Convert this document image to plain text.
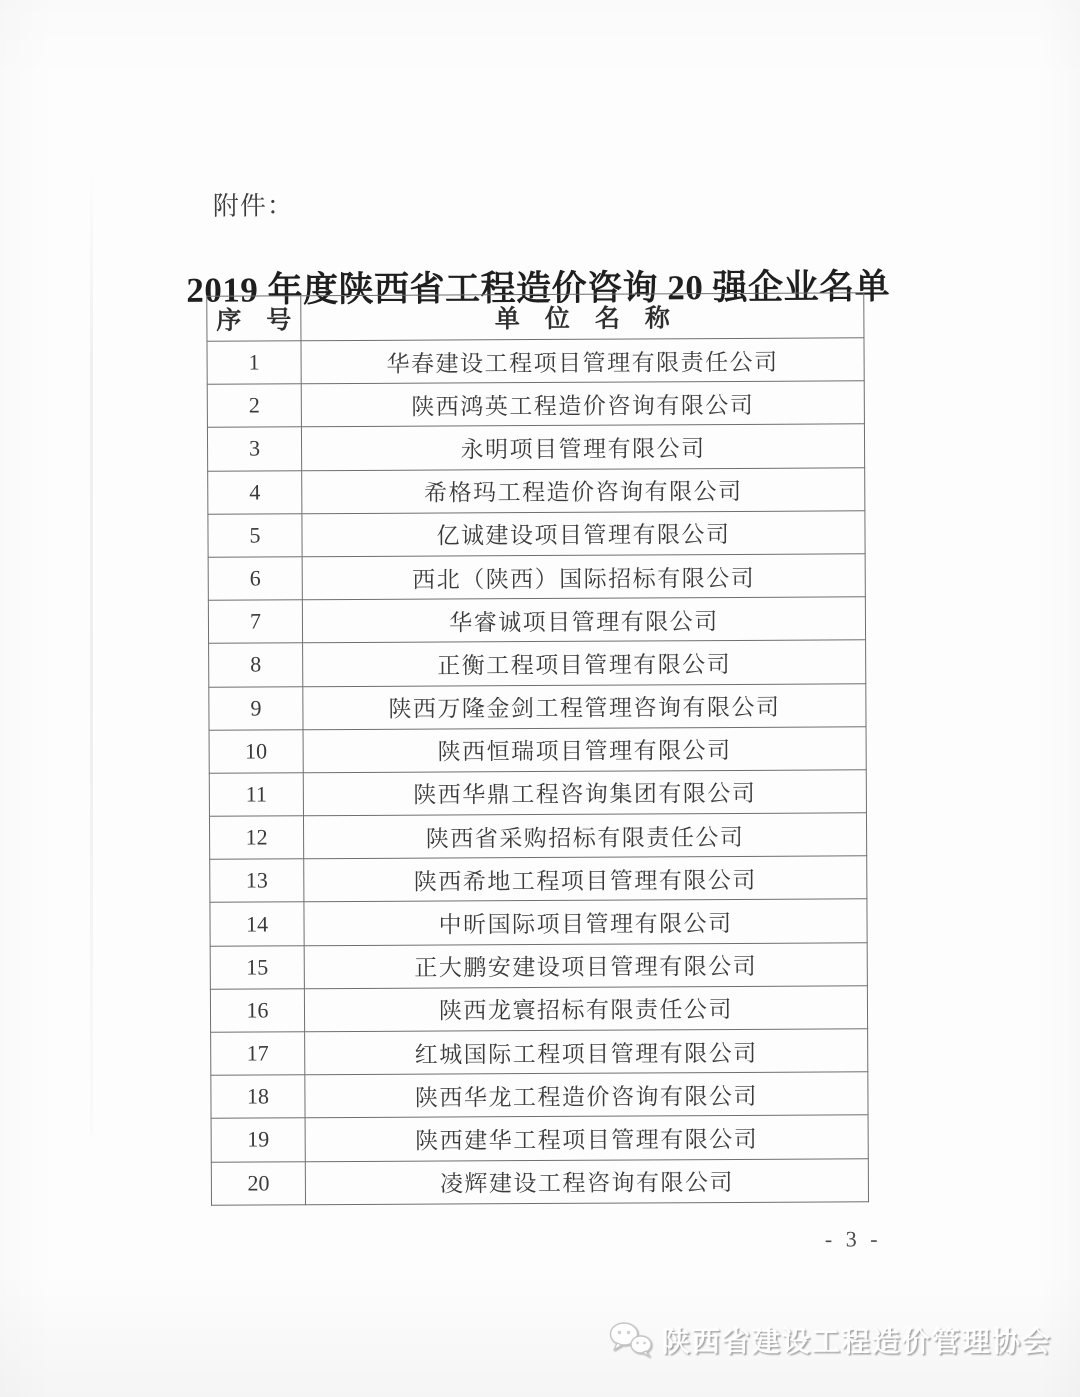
附件：
2019 年度陕西省工程造价咨询 20 强企业名单
序　号	单　位　名　称
1	华春建设工程项目管理有限责任公司
2	陕西鸿英工程造价咨询有限公司
3	永明项目管理有限公司
4	希格玛工程造价咨询有限公司
5	亿诚建设项目管理有限公司
6	西北（陕西）国际招标有限公司
7	华睿诚项目管理有限公司
8	正衡工程项目管理有限公司
9	陕西万隆金剑工程管理咨询有限公司
10	陕西恒瑞项目管理有限公司
11	陕西华鼎工程咨询集团有限公司
12	陕西省采购招标有限责任公司
13	陕西希地工程项目管理有限公司
14	中昕国际项目管理有限公司
15	正大鹏安建设项目管理有限公司
16	陕西龙寰招标有限责任公司
17	红城国际工程项目管理有限公司
18	陕西华龙工程造价咨询有限公司
19	陕西建华工程项目管理有限公司
20	凌辉建设工程咨询有限公司
- 3 -
陕西省建设工程造价管理协会
